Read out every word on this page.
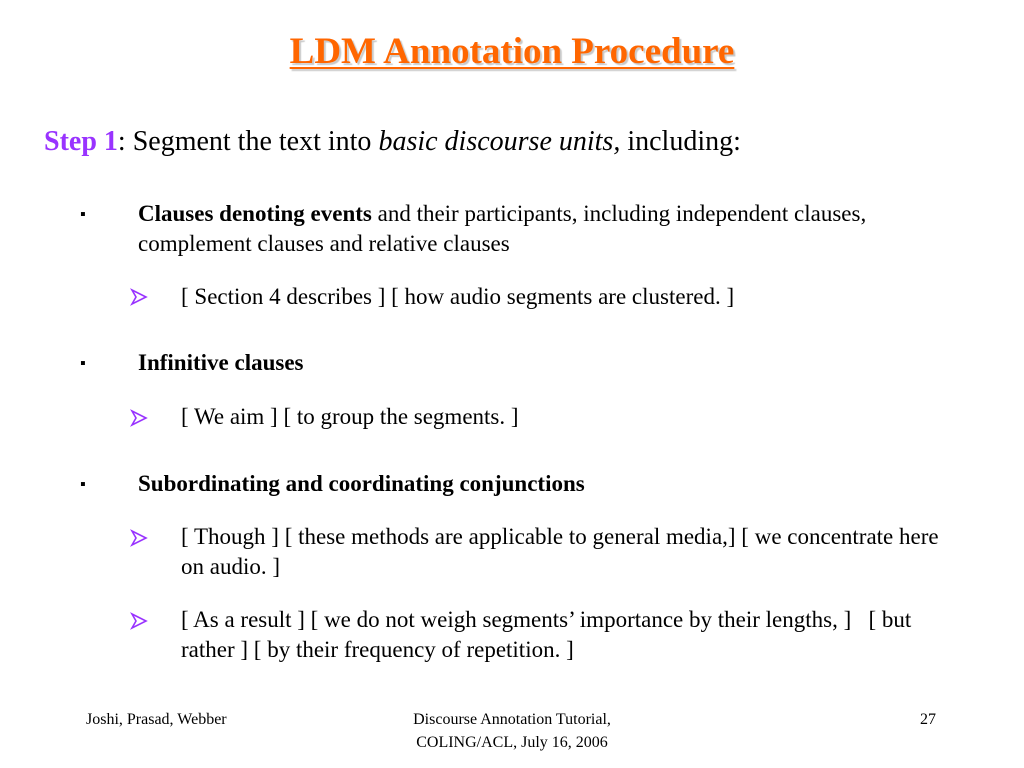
LDM Annotation Procedure
Step 1: Segment the text into basic discourse units, including:
▪ Clauses denoting events and their participants, including independent clauses, complement clauses and relative clauses
[ Section 4 describes ] [ how audio segments are clustered. ]
▪ Infinitive clauses
[ We aim ] [ to group the segments. ]
▪ Subordinating and coordinating conjunctions
[ Though ] [ these methods are applicable to general media,] [ we concentrate here on audio. ]
[ As a result ] [ we do not weigh segments’ importance by their lengths, ]   [ but rather ] [ by their frequency of repetition. ]
Joshi, Prasad, Webber	Discourse Annotation Tutorial,
COLING/ACL, July 16, 2006
27
